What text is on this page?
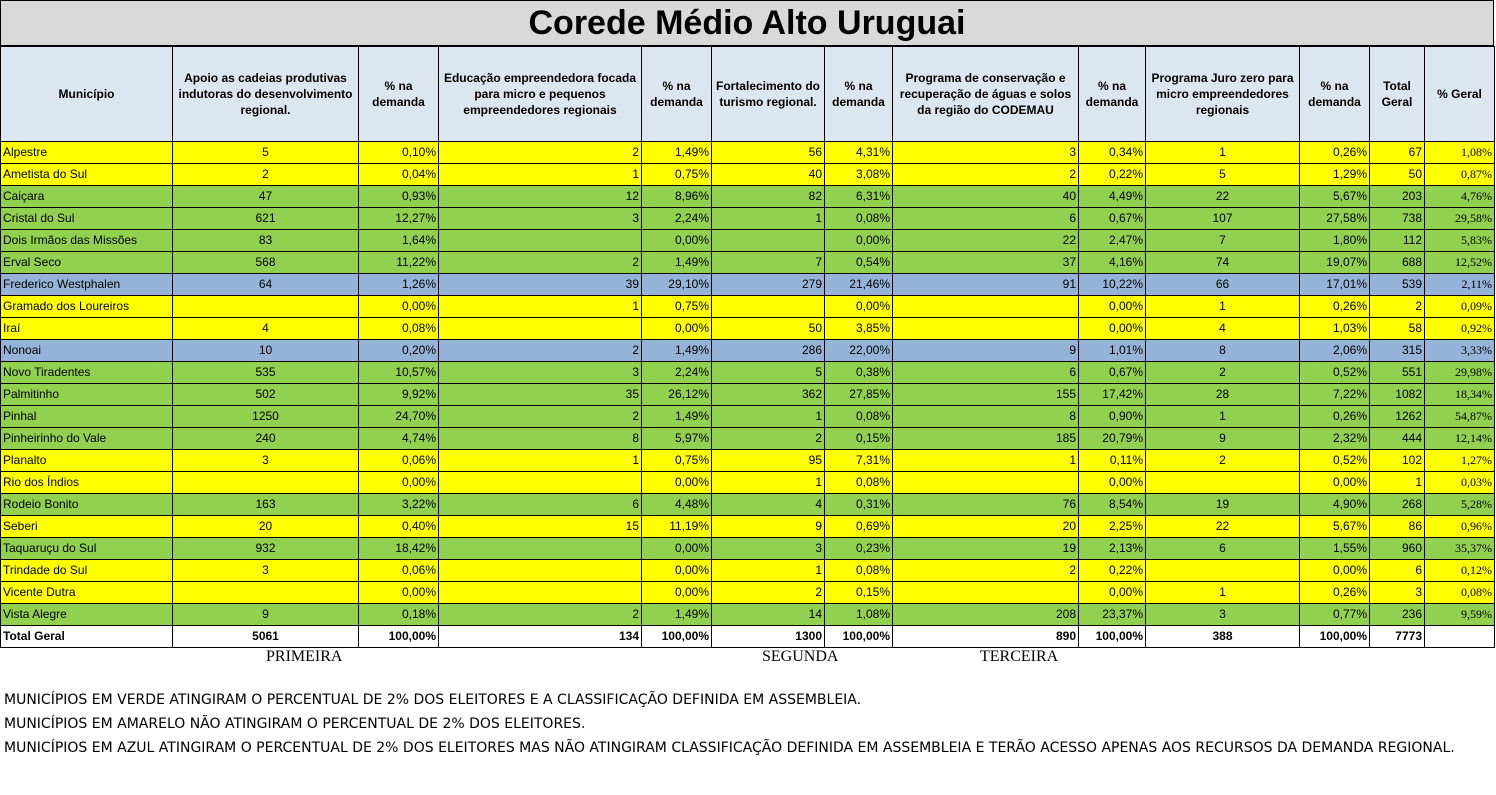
Corede Médio Alto Uruguai
Município	Apoio as cadeias produtivas indutoras do desenvolvimento regional.	% na demanda	Educação empreendedora focada para micro e pequenos empreendedores regionais	% na demanda	Fortalecimento do turismo regional.	% na demanda	Programa de conservação e recuperação de águas e solos da região do CODEMAU	% na demanda	Programa Juro zero para micro empreendedores regionais	% na demanda	Total Geral	% Geral
Alpestre	5	0,10%	2	1,49%	56	4,31%	3	0,34%	1	0,26%	67	1,08%
Ametista do Sul	2	0,04%	1	0,75%	40	3,08%	2	0,22%	5	1,29%	50	0,87%
Caiçara	47	0,93%	12	8,96%	82	6,31%	40	4,49%	22	5,67%	203	4,76%
Cristal do Sul	621	12,27%	3	2,24%	1	0,08%	6	0,67%	107	27,58%	738	29,58%
Dois Irmãos das Missões	83	1,64%		0,00%		0,00%	22	2,47%	7	1,80%	112	5,83%
Erval Seco	568	11,22%	2	1,49%	7	0,54%	37	4,16%	74	19,07%	688	12,52%
Frederico Westphalen	64	1,26%	39	29,10%	279	21,46%	91	10,22%	66	17,01%	539	2,11%
Gramado dos Loureiros		0,00%	1	0,75%		0,00%		0,00%	1	0,26%	2	0,09%
Iraí	4	0,08%		0,00%	50	3,85%		0,00%	4	1,03%	58	0,92%
Nonoai	10	0,20%	2	1,49%	286	22,00%	9	1,01%	8	2,06%	315	3,33%
Novo Tiradentes	535	10,57%	3	2,24%	5	0,38%	6	0,67%	2	0,52%	551	29,98%
Palmitinho	502	9,92%	35	26,12%	362	27,85%	155	17,42%	28	7,22%	1082	18,34%
Pinhal	1250	24,70%	2	1,49%	1	0,08%	8	0,90%	1	0,26%	1262	54,87%
Pinheirinho do Vale	240	4,74%	8	5,97%	2	0,15%	185	20,79%	9	2,32%	444	12,14%
Planalto	3	0,06%	1	0,75%	95	7,31%	1	0,11%	2	0,52%	102	1,27%
Rio dos Índios		0,00%		0,00%	1	0,08%		0,00%		0,00%	1	0,03%
Rodeio Bonito	163	3,22%	6	4,48%	4	0,31%	76	8,54%	19	4,90%	268	5,28%
Seberi	20	0,40%	15	11,19%	9	0,69%	20	2,25%	22	5,67%	86	0,96%
Taquaruçu do Sul	932	18,42%		0,00%	3	0,23%	19	2,13%	6	1,55%	960	35,37%
Trindade do Sul	3	0,06%		0,00%	1	0,08%	2	0,22%		0,00%	6	0,12%
Vicente Dutra		0,00%		0,00%	2	0,15%		0,00%	1	0,26%	3	0,08%
Vista Alegre	9	0,18%	2	1,49%	14	1,08%	208	23,37%	3	0,77%	236	9,59%
Total Geral	5061	100,00%	134	100,00%	1300	100,00%	890	100,00%	388	100,00%	7773	
PRIMEIRA	SEGUNDA	TERCEIRA
MUNICÍPIOS EM VERDE ATINGIRAM O PERCENTUAL DE 2% DOS ELEITORES E A CLASSIFICAÇÃO DEFINIDA EM ASSEMBLEIA.
MUNICÍPIOS EM AMARELO NÃO ATINGIRAM O PERCENTUAL DE 2% DOS ELEITORES.
MUNICÍPIOS EM AZUL ATINGIRAM O PERCENTUAL DE 2% DOS ELEITORES MAS NÃO ATINGIRAM CLASSIFICAÇÃO DEFINIDA EM ASSEMBLEIA E TERÃO ACESSO APENAS AOS RECURSOS DA DEMANDA REGIONAL.
